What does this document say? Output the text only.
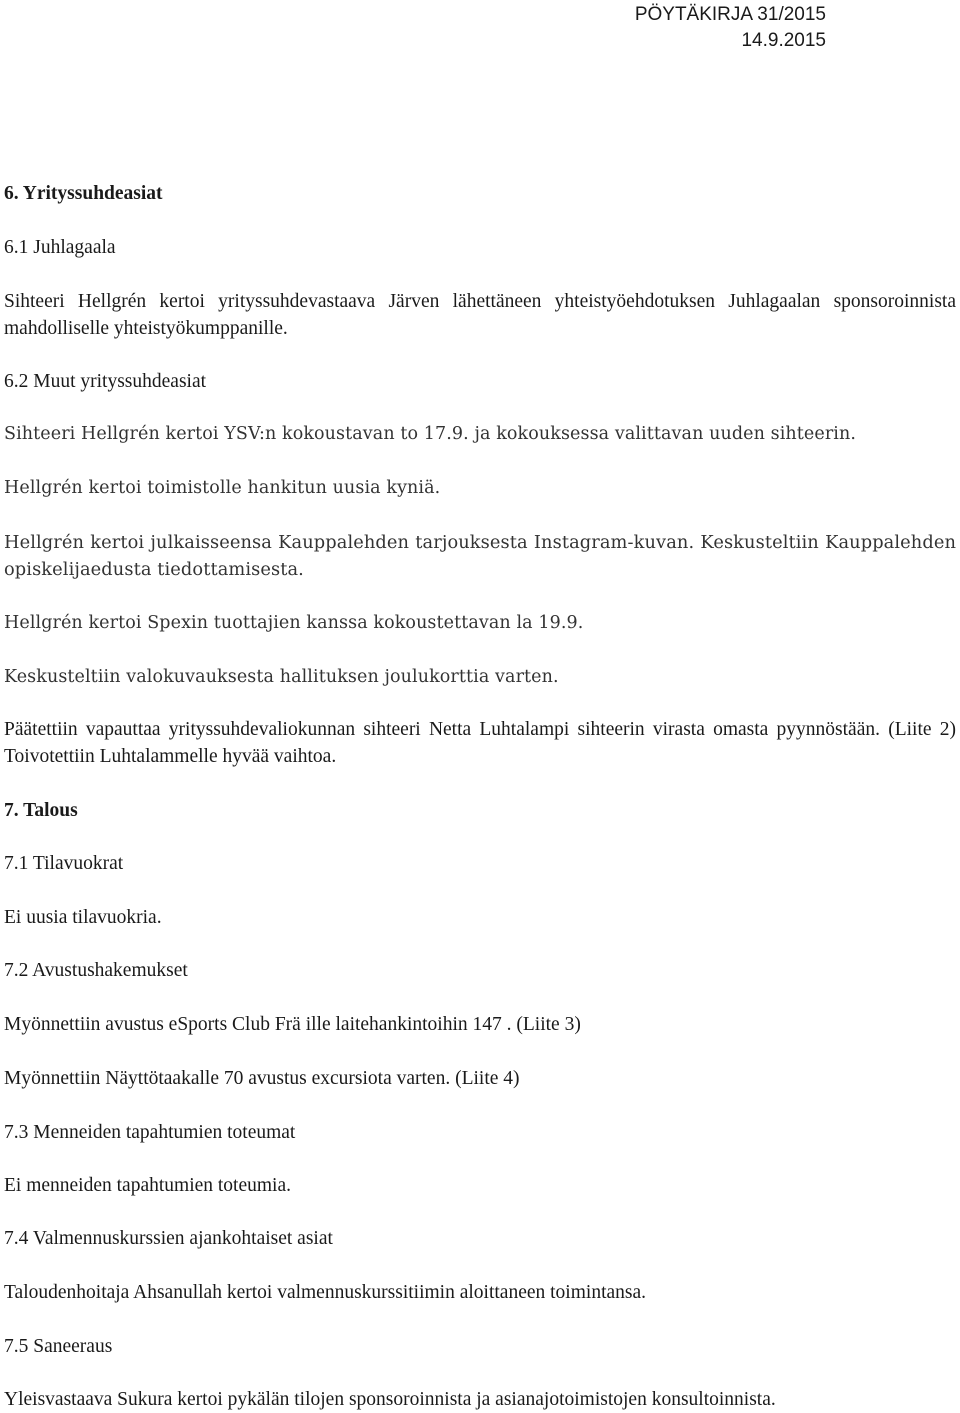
PÖYTÄKIRJA 31/2015
14.9.2015

6. Yrityssuhdeasiat

6.1 Juhlagaala

Sihteeri Hellgrén kertoi yrityssuhdevastaava Järven lähettäneen yhteistyöehdotuksen Juhlagaalan sponsoroinnista mahdolliselle yhteistyökumppanille.

6.2 Muut yrityssuhdeasiat

Sihteeri Hellgrén kertoi YSV:n kokoustavan to 17.9. ja kokouksessa valittavan uuden sihteerin.

Hellgrén kertoi toimistolle hankitun uusia kyniä.

Hellgrén kertoi julkaisseensa Kauppalehden tarjouksesta Instagram-kuvan. Keskusteltiin Kauppalehden opiskelijaedusta tiedottamisesta.

Hellgrén kertoi Spexin tuottajien kanssa kokoustettavan la 19.9.

Keskusteltiin valokuvauksesta hallituksen joulukorttia varten.

Päätettiin vapauttaa yrityssuhdevaliokunnan sihteeri Netta Luhtalampi sihteerin virasta omasta pyynnöstään. (Liite 2) Toivotettiin Luhtalammelle hyvää vaihtoa.

7. Talous

7.1 Tilavuokrat

Ei uusia tilavuokria.

7.2 Avustushakemukset

Myönnettiin avustus eSports Club Frä ille laitehankintoihin 147 . (Liite 3)

Myönnettiin Näyttötaakalle 70 avustus excursiota varten. (Liite 4)

7.3 Menneiden tapahtumien toteumat

Ei menneiden tapahtumien toteumia.

7.4 Valmennuskurssien ajankohtaiset asiat

Taloudenhoitaja Ahsanullah kertoi valmennuskurssitiimin aloittaneen toimintansa.

7.5 Saneeraus

Yleisvastaava Sukura kertoi pykälän tilojen sponsoroinnista ja asianajotoimistojen konsultoinnista.
